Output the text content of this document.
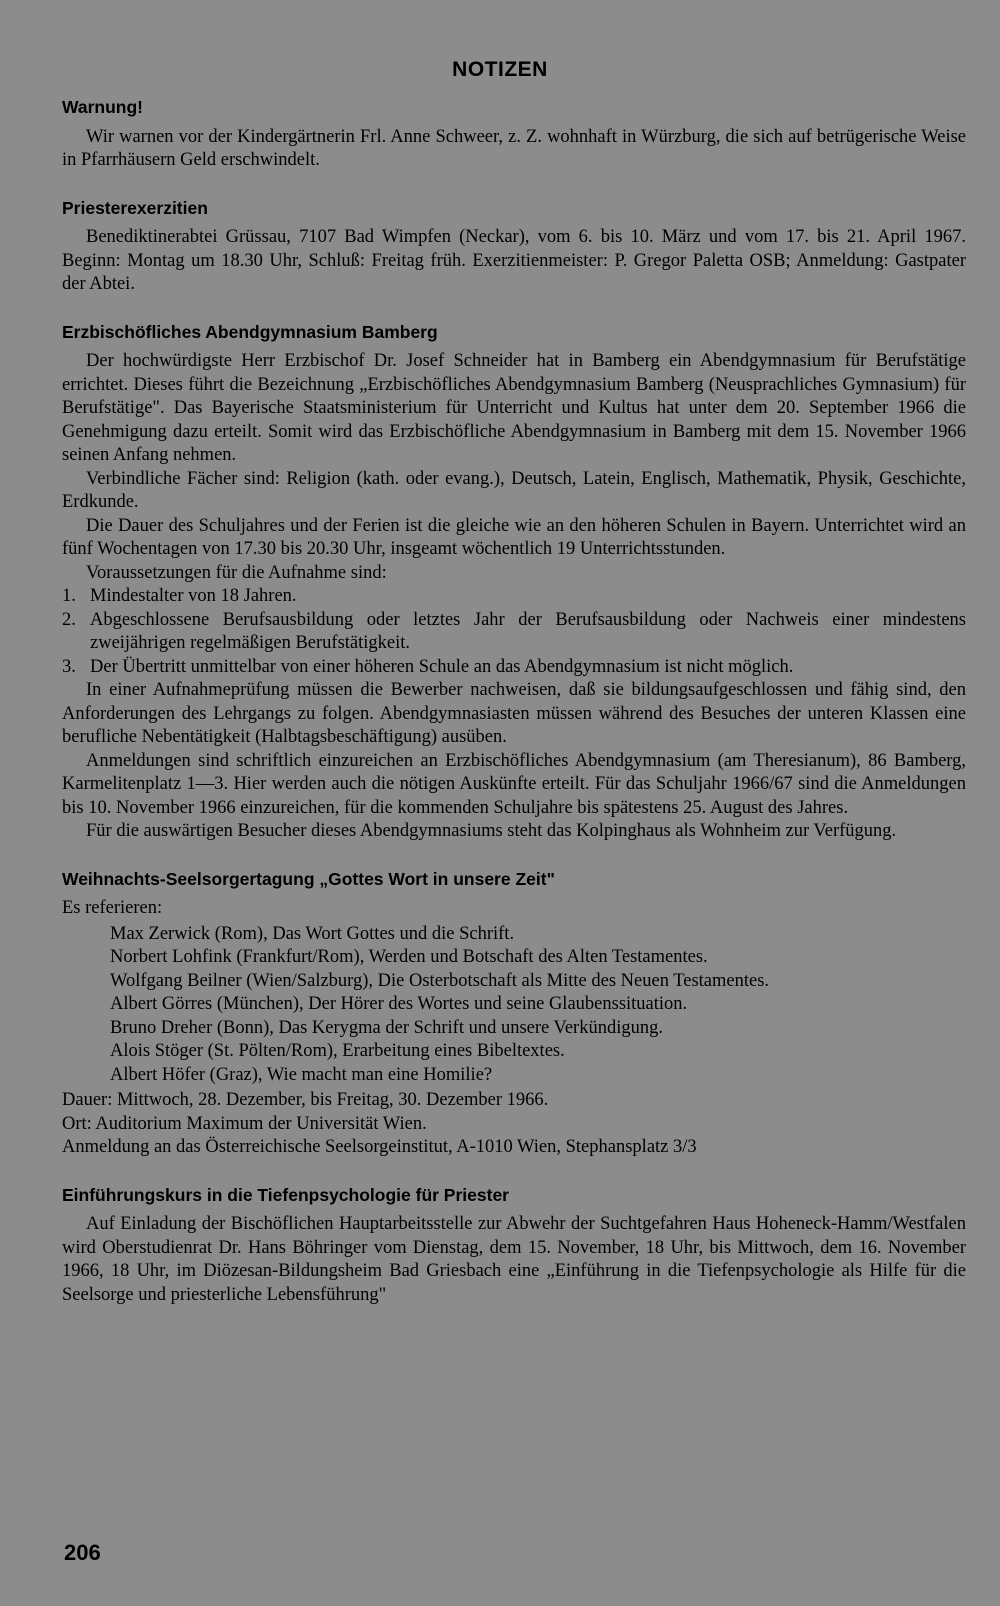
NOTIZEN
Warnung!

Wir warnen vor der Kindergärtnerin Frl. Anne Schweer, z. Z. wohnhaft in Würzburg, die sich auf betrügerische Weise in Pfarrhäusern Geld erschwindelt.

Priesterexerzitien

Benediktinerabtei Grüssau, 7107 Bad Wimpfen (Neckar), vom 6. bis 10. März und vom 17. bis 21. April 1967. Beginn: Montag um 18.30 Uhr, Schluß: Freitag früh. Exerzitienmeister: P. Gregor Paletta OSB; Anmeldung: Gastpater der Abtei.

Erzbischöfliches Abendgymnasium Bamberg

Der hochwürdigste Herr Erzbischof Dr. Josef Schneider hat in Bamberg ein Abendgymnasium für Berufstätige errichtet. Dieses führt die Bezeichnung „Erzbischöfliches Abendgymnasium Bamberg (Neusprachliches Gymnasium) für Berufstätige". Das Bayerische Staatsministerium für Unterricht und Kultus hat unter dem 20. September 1966 die Genehmigung dazu erteilt. Somit wird das Erzbischöfliche Abendgymnasium in Bamberg mit dem 15. November 1966 seinen Anfang nehmen.

Verbindliche Fächer sind: Religion (kath. oder evang.), Deutsch, Latein, Englisch, Mathematik, Physik, Geschichte, Erdkunde.

Die Dauer des Schuljahres und der Ferien ist die gleiche wie an den höheren Schulen in Bayern. Unterrichtet wird an fünf Wochentagen von 17.30 bis 20.30 Uhr, insgeamt wöchentlich 19 Unterrichtsstunden.

Voraussetzungen für die Aufnahme sind:

1. Mindestalter von 18 Jahren.
2. Abgeschlossene Berufsausbildung oder letztes Jahr der Berufsausbildung oder Nachweis einer mindestens zweijährigen regelmäßigen Berufstätigkeit.
3. Der Übertritt unmittelbar von einer höheren Schule an das Abendgymnasium ist nicht möglich.

In einer Aufnahmeprüfung müssen die Bewerber nachweisen, daß sie bildungsaufgeschlossen und fähig sind, den Anforderungen des Lehrgangs zu folgen. Abendgymnasiasten müssen während des Besuches der unteren Klassen eine berufliche Nebentätigkeit (Halbtagsbeschäftigung) ausüben.

Anmeldungen sind schriftlich einzureichen an Erzbischöfliches Abendgymnasium (am Theresianum), 86 Bamberg, Karmelitenplatz 1—3. Hier werden auch die nötigen Auskünfte erteilt. Für das Schuljahr 1966/67 sind die Anmeldungen bis 10. November 1966 einzureichen, für die kommenden Schuljahre bis spätestens 25. August des Jahres.

Für die auswärtigen Besucher dieses Abendgymnasiums steht das Kolpinghaus als Wohnheim zur Verfügung.

Weihnachts-Seelsorgertagung „Gottes Wort in unsere Zeit"

Es referieren:

Max Zerwick (Rom), Das Wort Gottes und die Schrift.
Norbert Lohfink (Frankfurt/Rom), Werden und Botschaft des Alten Testamentes.
Wolfgang Beilner (Wien/Salzburg), Die Osterbotschaft als Mitte des Neuen Testamentes.
Albert Görres (München), Der Hörer des Wortes und seine Glaubenssituation.
Bruno Dreher (Bonn), Das Kerygma der Schrift und unsere Verkündigung.
Alois Stöger (St. Pölten/Rom), Erarbeitung eines Bibeltextes.
Albert Höfer (Graz), Wie macht man eine Homilie?

Dauer: Mittwoch, 28. Dezember, bis Freitag, 30. Dezember 1966.

Ort: Auditorium Maximum der Universität Wien.

Anmeldung an das Österreichische Seelsorgeinstitut, A-1010 Wien, Stephansplatz 3/3

Einführungskurs in die Tiefenpsychologie für Priester

Auf Einladung der Bischöflichen Hauptarbeitsstelle zur Abwehr der Suchtgefahren Haus Hoheneck-Hamm/Westfalen wird Oberstudienrat Dr. Hans Böhringer vom Dienstag, dem 15. November, 18 Uhr, bis Mittwoch, dem 16. November 1966, 18 Uhr, im Diözesan-Bildungsheim Bad Griesbach eine „Einführung in die Tiefenpsychologie als Hilfe für die Seelsorge und priesterliche Lebensführung"

206
